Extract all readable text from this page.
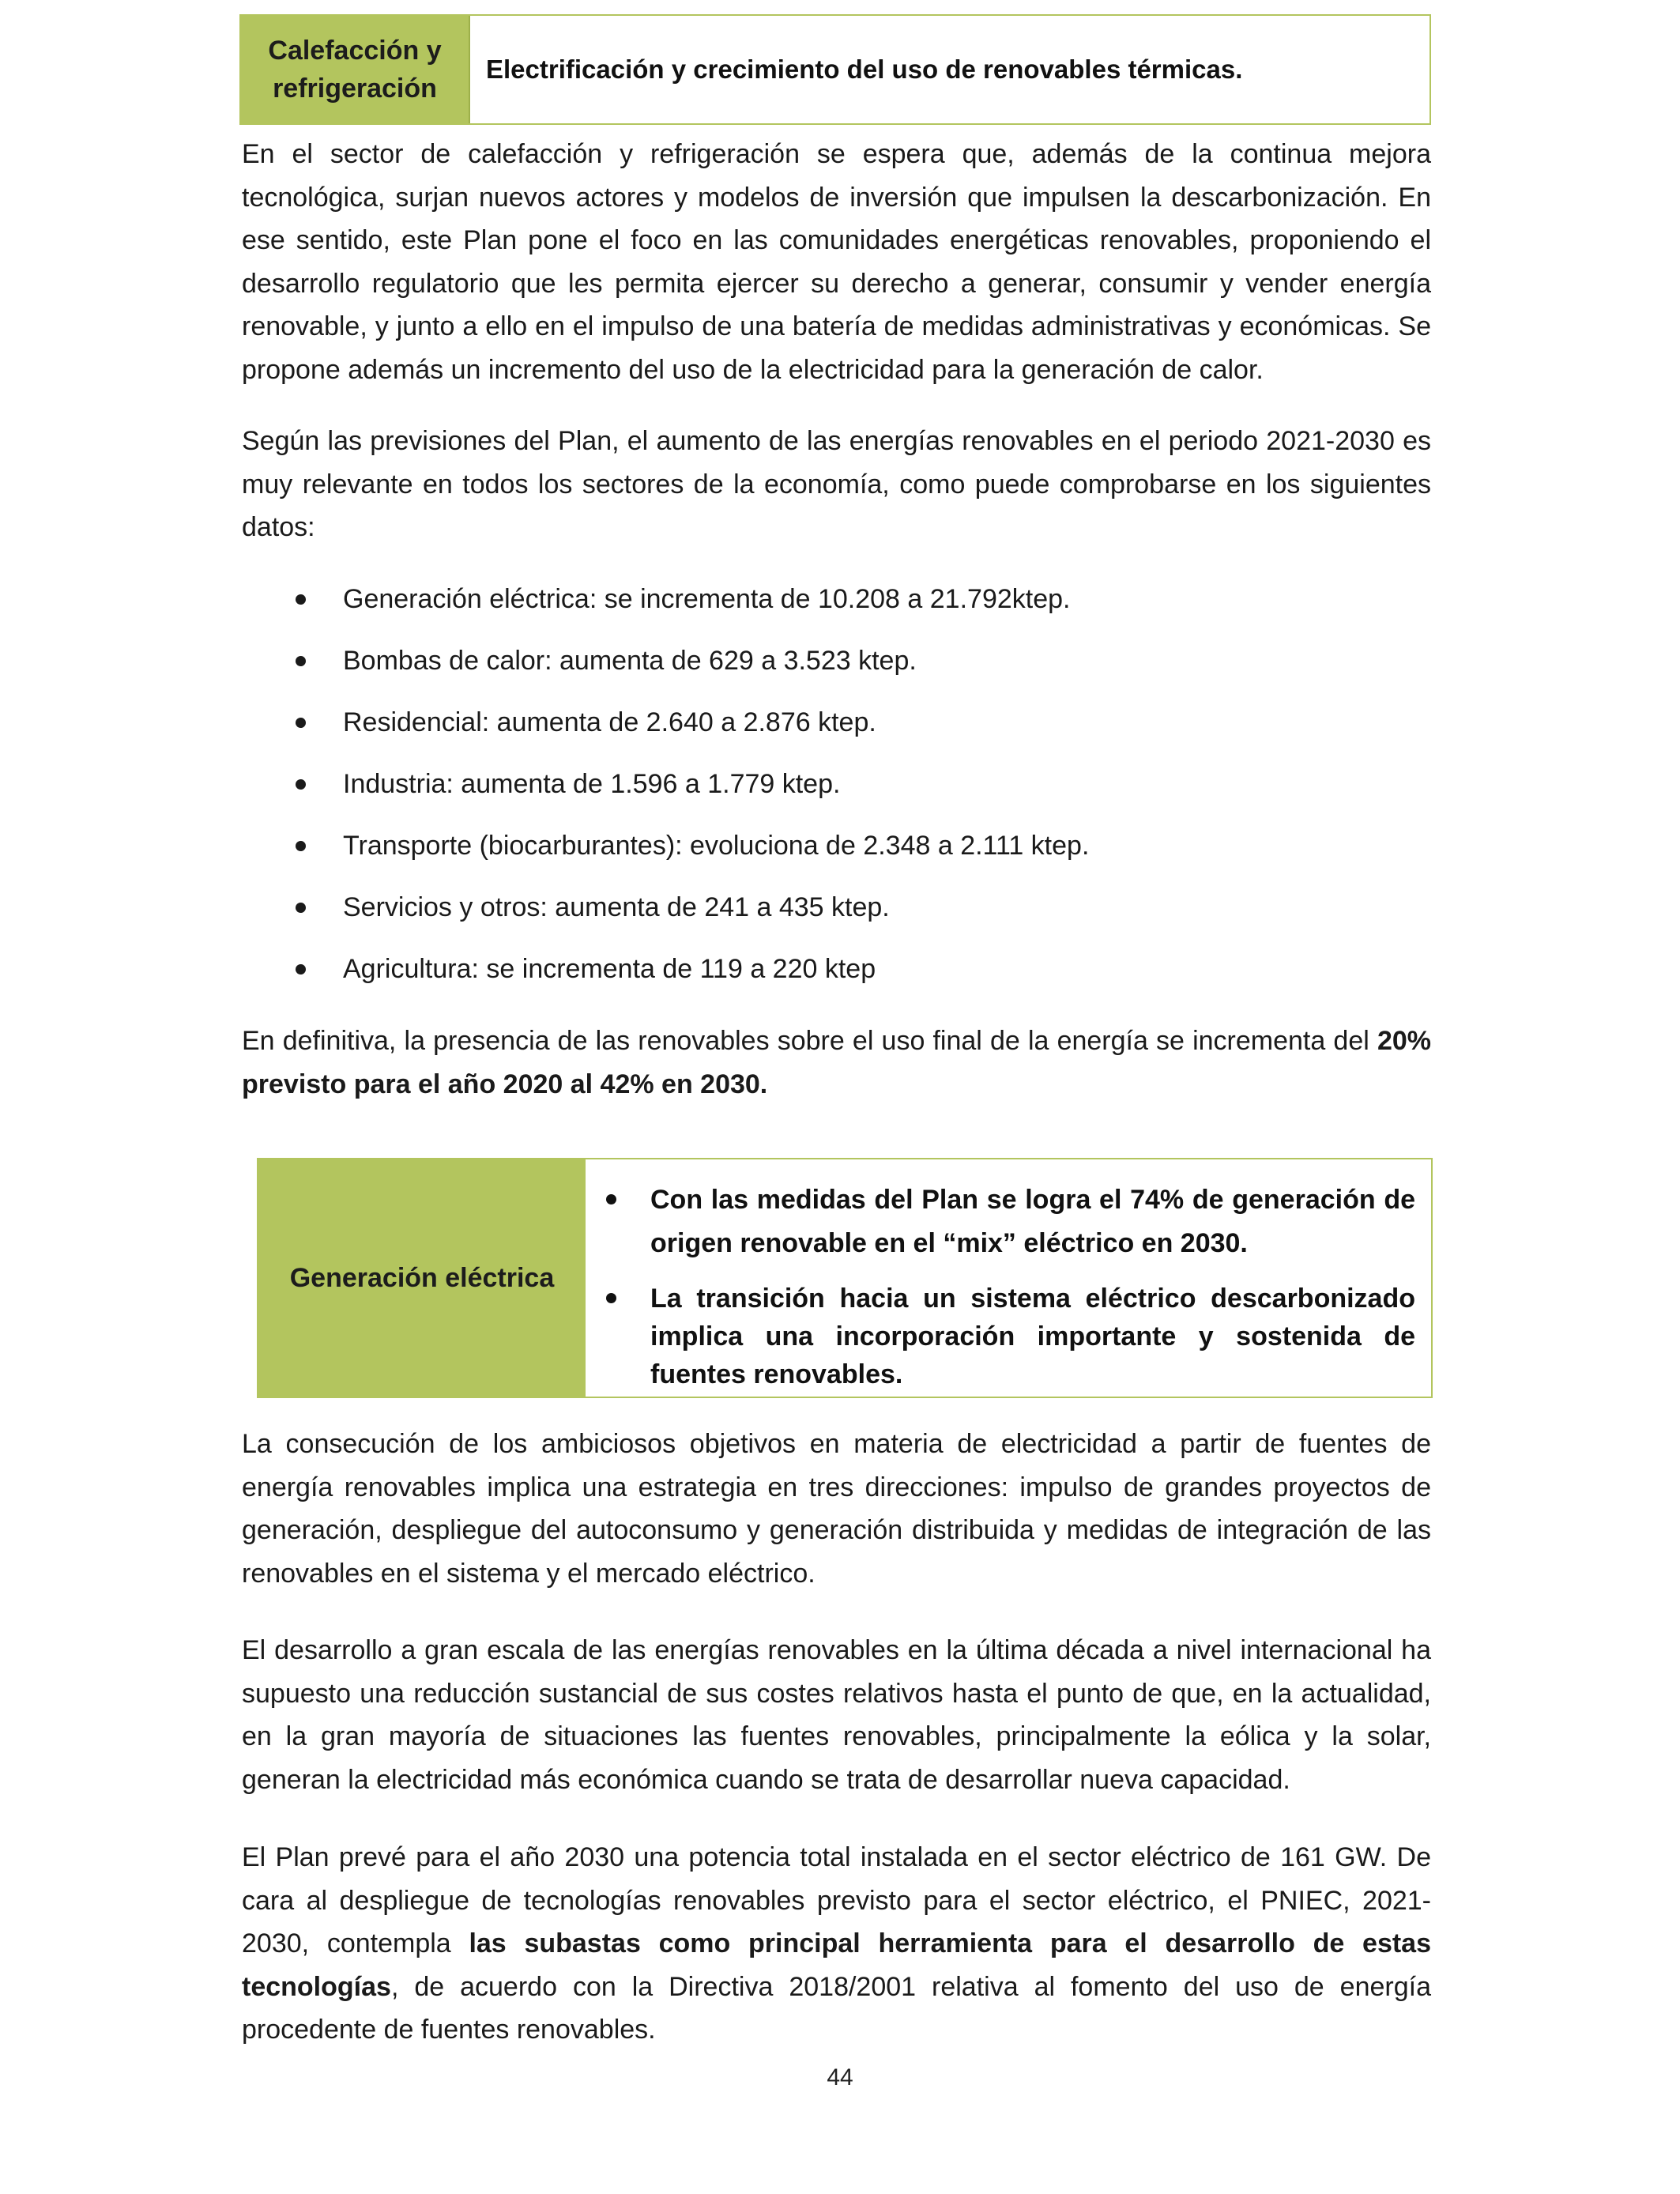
Calefacción y refrigeración
Electrificación y crecimiento del uso de renovables térmicas.

En el sector de calefacción y refrigeración se espera que, además de la continua mejora tecnológica, surjan nuevos actores y modelos de inversión que impulsen la descarbonización. En ese sentido, este Plan pone el foco en las comunidades energéticas renovables, proponiendo el desarrollo regulatorio que les permita ejercer su derecho a generar, consumir y vender energía renovable, y junto a ello en el impulso de una batería de medidas administrativas y económicas. Se propone además un incremento del uso de la electricidad para la generación de calor.

Según las previsiones del Plan, el aumento de las energías renovables en el periodo 2021-2030 es muy relevante en todos los sectores de la economía, como puede comprobarse en los siguientes datos:

Generación eléctrica: se incrementa de 10.208 a 21.792ktep.
Bombas de calor: aumenta de 629 a 3.523 ktep.
Residencial: aumenta de 2.640 a 2.876 ktep.
Industria: aumenta de 1.596 a 1.779 ktep.
Transporte (biocarburantes): evoluciona de 2.348 a 2.111 ktep.
Servicios y otros: aumenta de 241 a 435 ktep.
Agricultura: se incrementa de 119 a 220 ktep

En definitiva, la presencia de las renovables sobre el uso final de la energía se incrementa del 20% previsto para el año 2020 al 42% en 2030.

Generación eléctrica
Con las medidas del Plan se logra el 74% de generación de origen renovable en el “mix” eléctrico en 2030.
La transición hacia un sistema eléctrico descarbonizado implica una incorporación importante y sostenida de fuentes renovables.

La consecución de los ambiciosos objetivos en materia de electricidad a partir de fuentes de energía renovables implica una estrategia en tres direcciones: impulso de grandes proyectos de generación, despliegue del autoconsumo y generación distribuida y medidas de integración de las renovables en el sistema y el mercado eléctrico.

El desarrollo a gran escala de las energías renovables en la última década a nivel internacional ha supuesto una reducción sustancial de sus costes relativos hasta el punto de que, en la actualidad, en la gran mayoría de situaciones las fuentes renovables, principalmente la eólica y la solar, generan la electricidad más económica cuando se trata de desarrollar nueva capacidad.

El Plan prevé para el año 2030 una potencia total instalada en el sector eléctrico de 161 GW. De cara al despliegue de tecnologías renovables previsto para el sector eléctrico, el PNIEC, 2021-2030, contempla las subastas como principal herramienta para el desarrollo de estas tecnologías, de acuerdo con la Directiva 2018/2001 relativa al fomento del uso de energía procedente de fuentes renovables.

44
